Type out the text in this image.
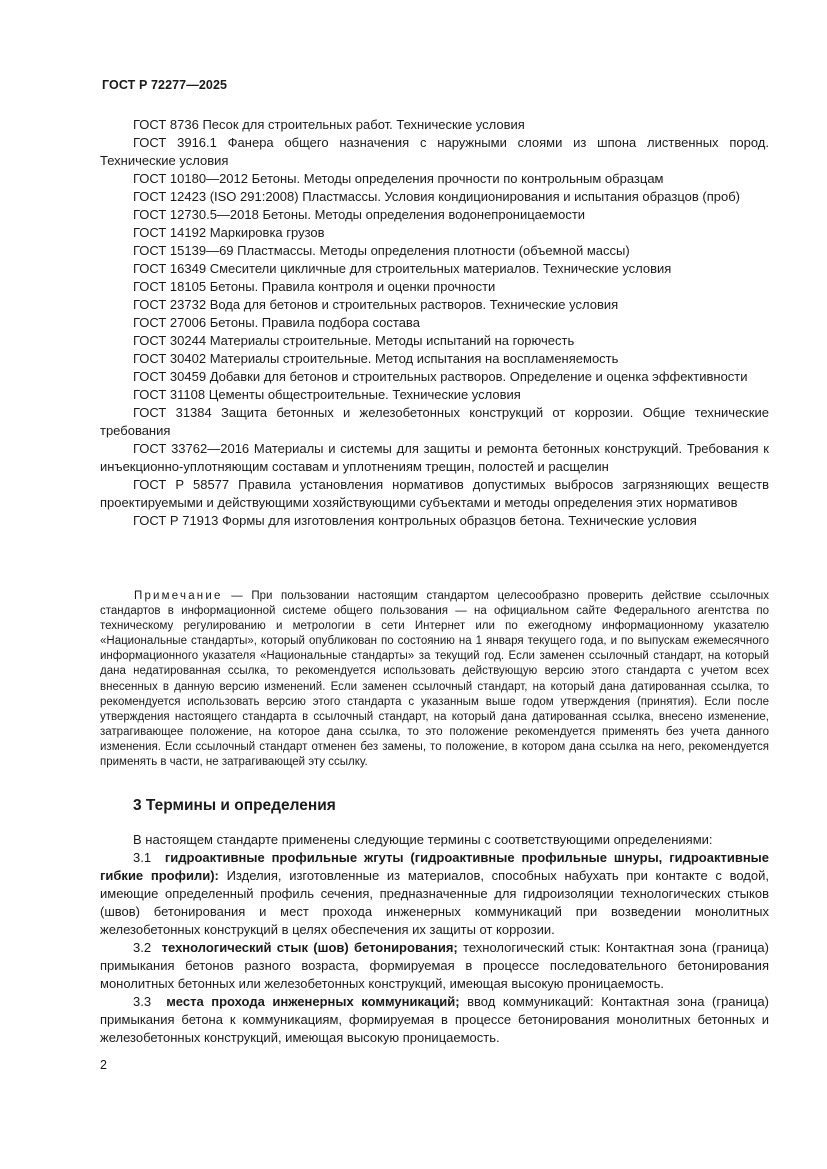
ГОСТ Р 72277—2025

ГОСТ 8736 Песок для строительных работ. Технические условия

ГОСТ 3916.1 Фанера общего назначения с наружными слоями из шпона лиственных пород. Технические условия

ГОСТ 10180—2012 Бетоны. Методы определения прочности по контрольным образцам

ГОСТ 12423 (ISO 291:2008) Пластмассы. Условия кондиционирования и испытания образцов (проб)

ГОСТ 12730.5—2018 Бетоны. Методы определения водонепроницаемости

ГОСТ 14192 Маркировка грузов

ГОСТ 15139—69 Пластмассы. Методы определения плотности (объемной массы)

ГОСТ 16349 Смесители цикличные для строительных материалов. Технические условия

ГОСТ 18105 Бетоны. Правила контроля и оценки прочности

ГОСТ 23732 Вода для бетонов и строительных растворов. Технические условия

ГОСТ 27006 Бетоны. Правила подбора состава

ГОСТ 30244 Материалы строительные. Методы испытаний на горючесть

ГОСТ 30402 Материалы строительные. Метод испытания на воспламеняемость

ГОСТ 30459 Добавки для бетонов и строительных растворов. Определение и оценка эффективности

ГОСТ 31108 Цементы общестроительные. Технические условия

ГОСТ 31384 Защита бетонных и железобетонных конструкций от коррозии. Общие технические требования

ГОСТ 33762—2016 Материалы и системы для защиты и ремонта бетонных конструкций. Требования к инъекционно-уплотняющим составам и уплотнениям трещин, полостей и расщелин

ГОСТ Р 58577 Правила установления нормативов допустимых выбросов загрязняющих веществ проектируемыми и действующими хозяйствующими субъектами и методы определения этих нормативов

ГОСТ Р 71913 Формы для изготовления контрольных образцов бетона. Технические условия

Примечание — При пользовании настоящим стандартом целесообразно проверить действие ссылочных стандартов в информационной системе общего пользования — на официальном сайте Федерального агентства по техническому регулированию и метрологии в сети Интернет или по ежегодному информационному указателю «Национальные стандарты», который опубликован по состоянию на 1 января текущего года, и по выпускам ежемесячного информационного указателя «Национальные стандарты» за текущий год. Если заменен ссылочный стандарт, на который дана недатированная ссылка, то рекомендуется использовать действующую версию этого стандарта с учетом всех внесенных в данную версию изменений. Если заменен ссылочный стандарт, на который дана датированная ссылка, то рекомендуется использовать версию этого стандарта с указанным выше годом утверждения (принятия). Если после утверждения настоящего стандарта в ссылочный стандарт, на который дана датированная ссылка, внесено изменение, затрагивающее положение, на которое дана ссылка, то это положение рекомендуется применять без учета данного изменения. Если ссылочный стандарт отменен без замены, то положение, в котором дана ссылка на него, рекомендуется применять в части, не затрагивающей эту ссылку.

3 Термины и определения

В настоящем стандарте применены следующие термины с соответствующими определениями:

3.1 гидроактивные профильные жгуты (гидроактивные профильные шнуры, гидроактивные гибкие профили): Изделия, изготовленные из материалов, способных набухать при контакте с водой, имеющие определенный профиль сечения, предназначенные для гидроизоляции технологических стыков (швов) бетонирования и мест прохода инженерных коммуникаций при возведении монолитных железобетонных конструкций в целях обеспечения их защиты от коррозии.

3.2 технологический стык (шов) бетонирования; технологический стык: Контактная зона (граница) примыкания бетонов разного возраста, формируемая в процессе последовательного бетонирования монолитных бетонных или железобетонных конструкций, имеющая высокую проницаемость.

3.3 места прохода инженерных коммуникаций; ввод коммуникаций: Контактная зона (граница) примыкания бетона к коммуникациям, формируемая в процессе бетонирования монолитных бетонных и железобетонных конструкций, имеющая высокую проницаемость.

2
